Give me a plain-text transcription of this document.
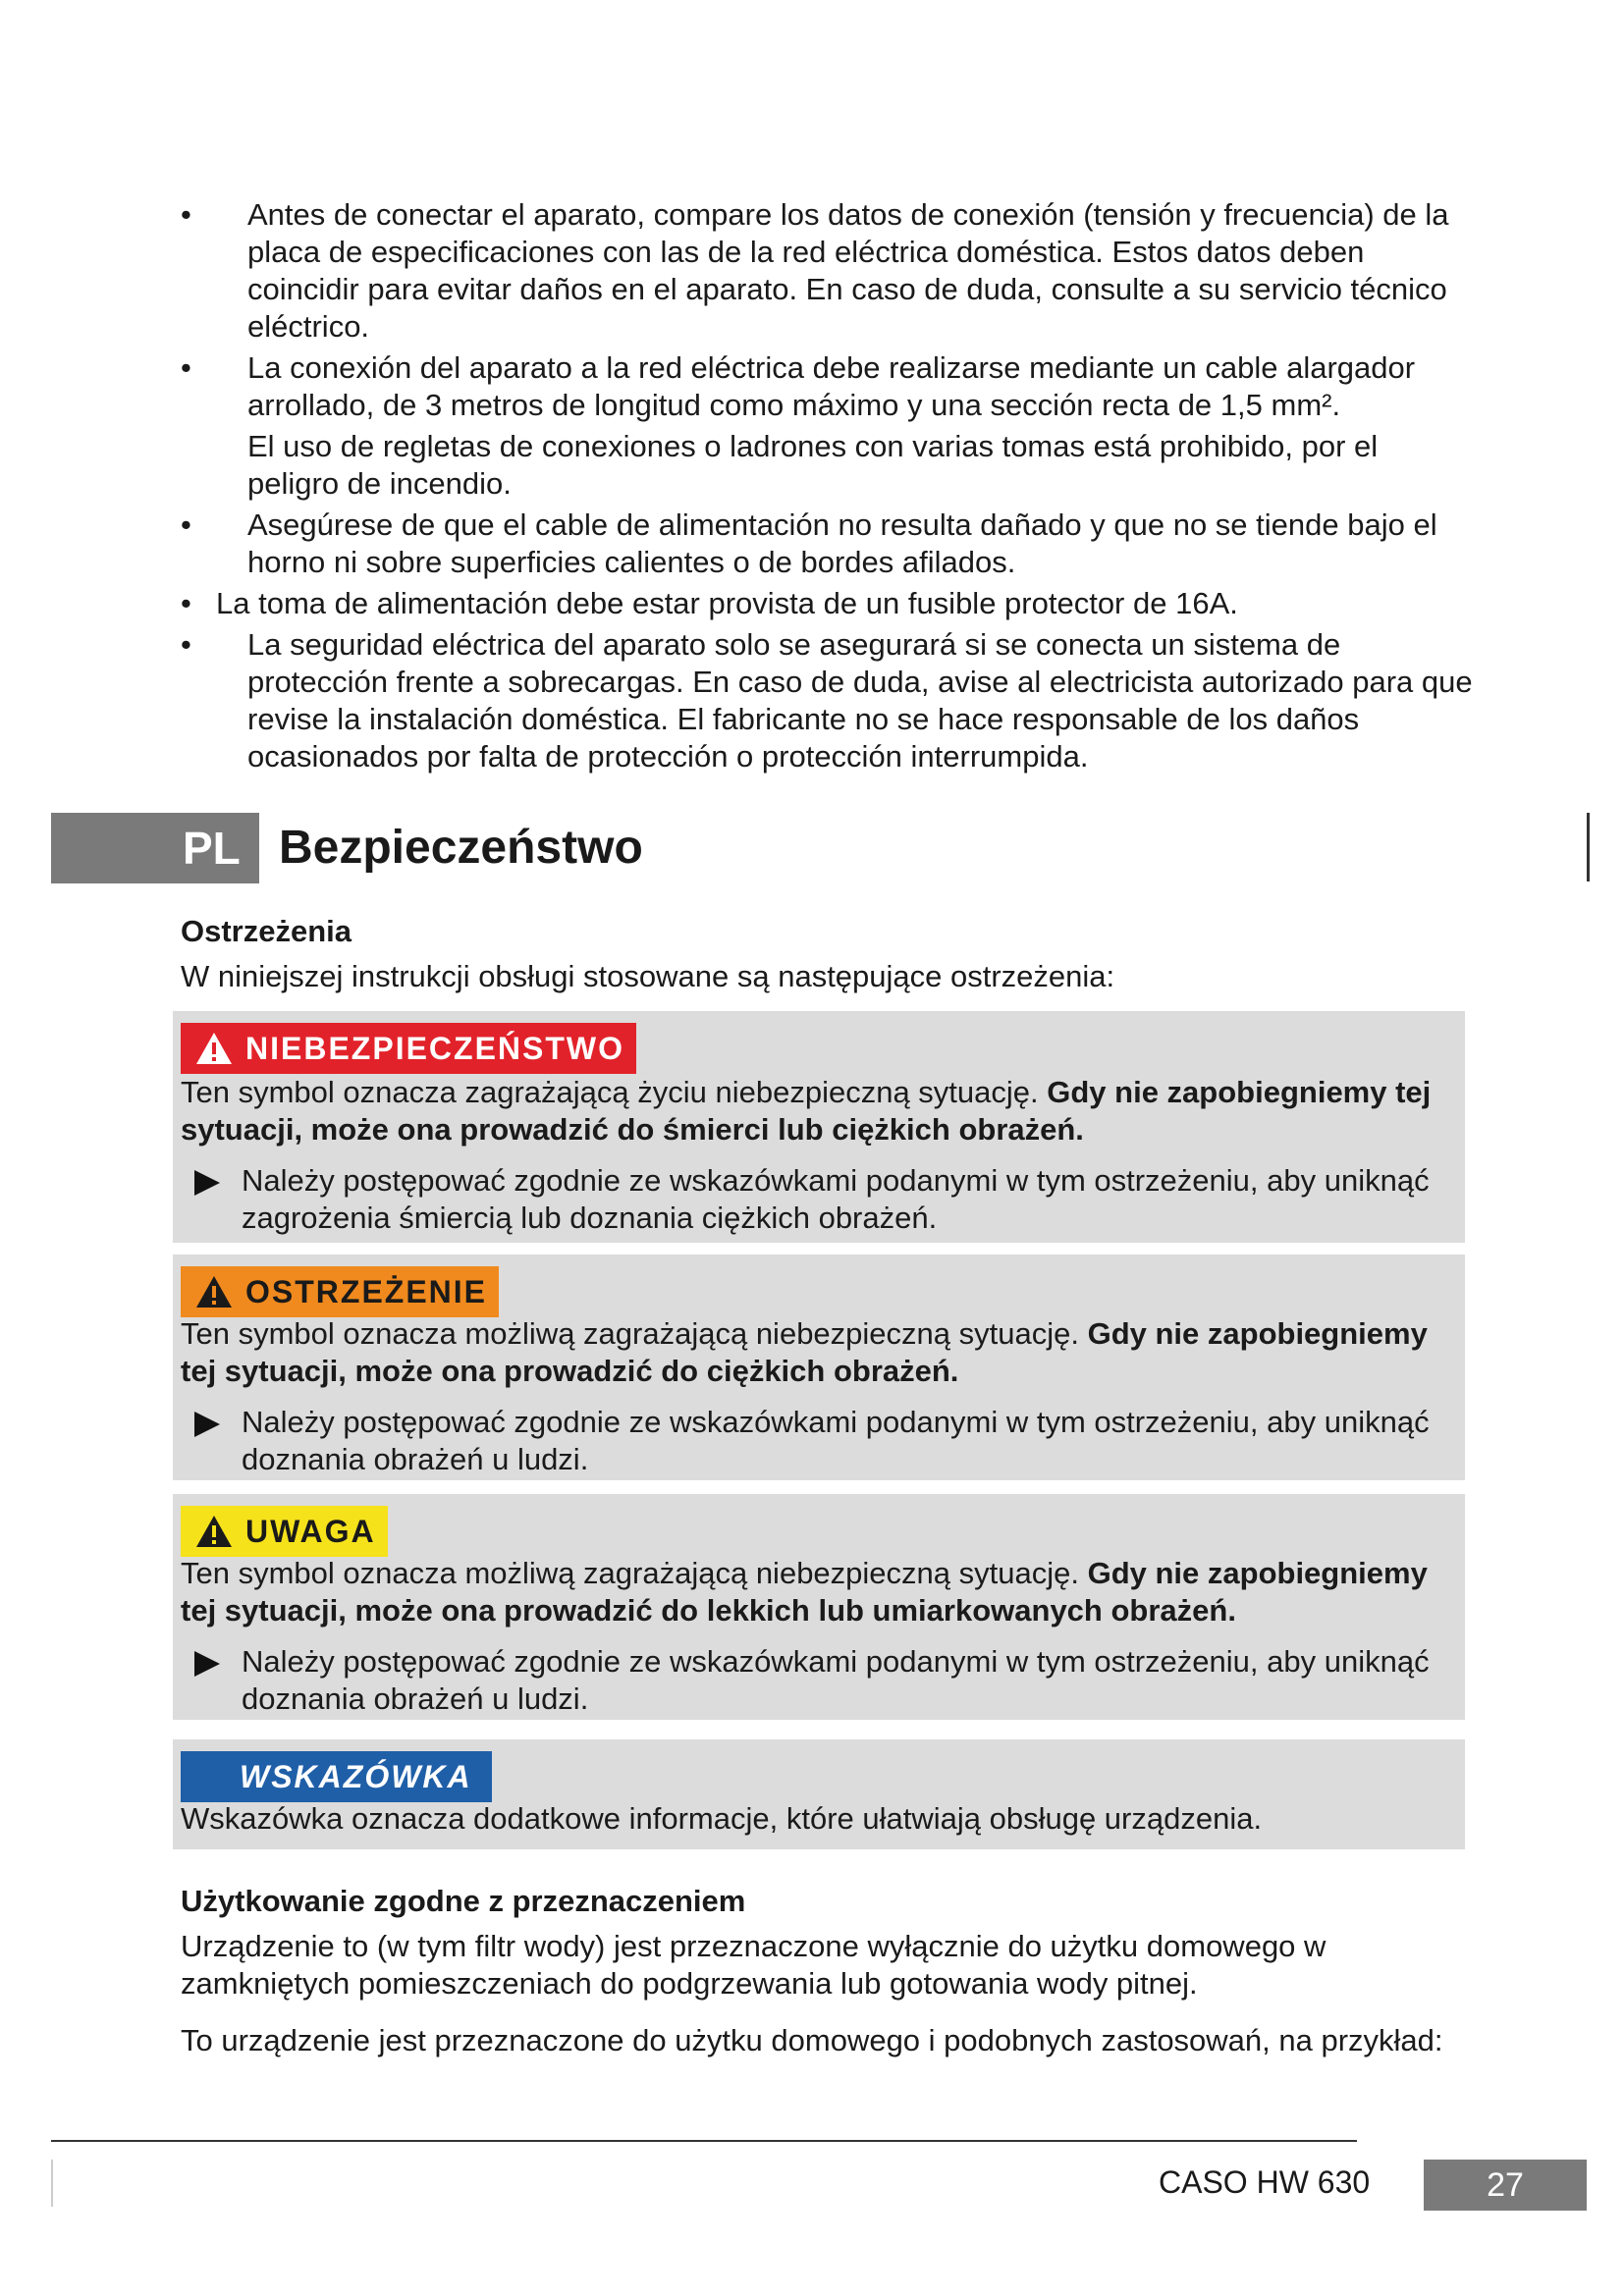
• Antes de conectar el aparato, compare los datos de conexión (tensión y frecuencia) de la placa de especificaciones con las de la red eléctrica doméstica. Estos datos deben coincidir para evitar daños en el aparato. En caso de duda, consulte a su servicio técnico eléctrico.
• La conexión del aparato a la red eléctrica debe realizarse mediante un cable alargador arrollado, de 3 metros de longitud como máximo y una sección recta de 1,5 mm².
El uso de regletas de conexiones o ladrones con varias tomas está prohibido, por el peligro de incendio.
• Asegúrese de que el cable de alimentación no resulta dañado y que no se tiende bajo el horno ni sobre superficies calientes o de bordes afilados.
• La toma de alimentación debe estar provista de un fusible protector de 16A.
• La seguridad eléctrica del aparato solo se asegurará si se conecta un sistema de protección frente a sobrecargas. En caso de duda, avise al electricista autorizado para que revise la instalación doméstica. El fabricante no se hace responsable de los daños ocasionados por falta de protección o protección interrumpida.
PL Bezpieczeństwo
Ostrzeżenia
W niniejszej instrukcji obsługi stosowane są następujące ostrzeżenia:
NIEBEZPIECZEŃSTWO
Ten symbol oznacza zagrażającą życiu niebezpieczną sytuację. Gdy nie zapobiegniemy tej sytuacji, może ona prowadzić do śmierci lub ciężkich obrażeń.
Należy postępować zgodnie ze wskazówkami podanymi w tym ostrzeżeniu, aby uniknąć zagrożenia śmiercią lub doznania ciężkich obrażeń.
OSTRZEŻENIE
Ten symbol oznacza możliwą zagrażającą niebezpieczną sytuację. Gdy nie zapobiegniemy tej sytuacji, może ona prowadzić do ciężkich obrażeń.
Należy postępować zgodnie ze wskazówkami podanymi w tym ostrzeżeniu, aby uniknąć doznania obrażeń u ludzi.
UWAGA
Ten symbol oznacza możliwą zagrażającą niebezpieczną sytuację. Gdy nie zapobiegniemy tej sytuacji, może ona prowadzić do lekkich lub umiarkowanych obrażeń.
Należy postępować zgodnie ze wskazówkami podanymi w tym ostrzeżeniu, aby uniknąć doznania obrażeń u ludzi.
WSKAZÓWKA
Wskazówka oznacza dodatkowe informacje, które ułatwiają obsługę urządzenia.
Użytkowanie zgodne z przeznaczeniem
Urządzenie to (w tym filtr wody) jest przeznaczone wyłącznie do użytku domowego w zamkniętych pomieszczeniach do podgrzewania lub gotowania wody pitnej.
To urządzenie jest przeznaczone do użytku domowego i podobnych zastosowań, na przykład:
CASO HW 630	27
